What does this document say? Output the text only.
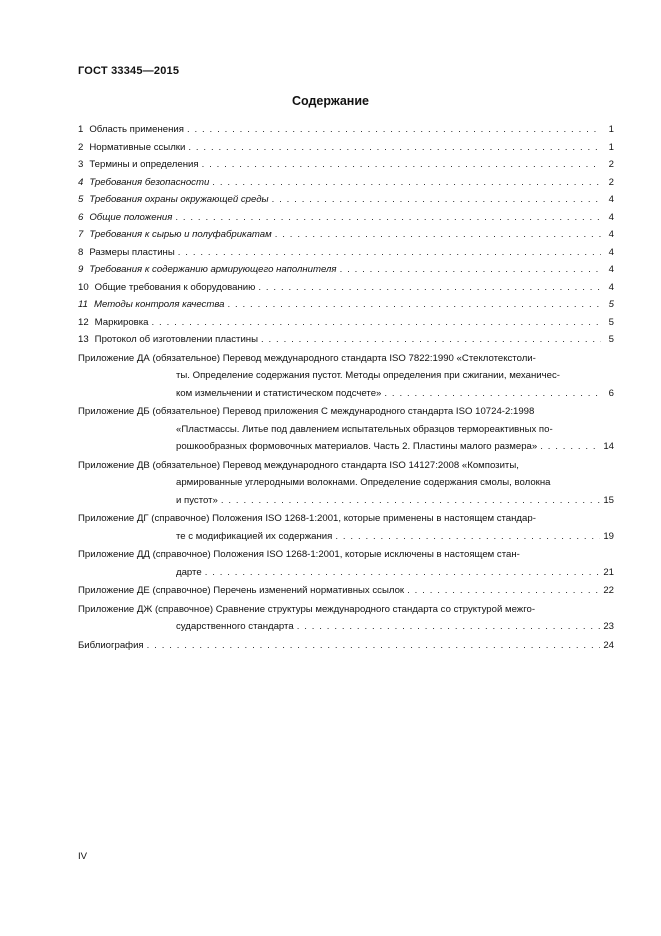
ГОСТ 33345—2015
Содержание
1 Область применения . . .	1
2 Нормативные ссылки . . .	1
3 Термины и определения . . .	2
4 Требования безопасности . . .	2
5 Требования охраны окружающей среды . . .	4
6 Общие положения . . .	4
7 Требования к сырью и полуфабрикатам . . .	4
8 Размеры пластины . . .	4
9 Требования к содержанию армирующего наполнителя . . .	4
10 Общие требования к оборудованию . . .	4
11 Методы контроля качества . . .	5
12 Маркировка . . .	5
13 Протокол об изготовлении пластины . . .	5
Приложение ДА (обязательное) Перевод международного стандарта ISO 7822:1990 «Стеклотекстоли-
ты. Определение содержания пустот. Методы определения при сжигании, механичес-
ком измельчении и статистическом подсчете» . . .	6
Приложение ДБ (обязательное) Перевод приложения С международного стандарта ISO 10724-2:1998
«Пластмассы. Литье под давлением испытательных образцов термореактивных по-
рошкообразных формовочных материалов. Часть 2. Пластины малого размера» . . .	14
Приложение ДВ (обязательное) Перевод международного стандарта ISO 14127:2008 «Композиты,
армированные углеродными волокнами. Определение содержания смолы, волокна
и пустот» . . .	15
Приложение ДГ (справочное) Положения ISO 1268-1:2001, которые применены в настоящем стандар-
те с модификацией их содержания . . .	19
Приложение ДД (справочное) Положения ISO 1268-1:2001, которые исключены в настоящем стан-
дарте . . .	21
Приложение ДЕ (справочное) Перечень изменений нормативных ссылок . . .	22
Приложение ДЖ (справочное) Сравнение структуры международного стандарта со структурой межго-
сударственного стандарта . . .	23
Библиография . . .	24
IV
